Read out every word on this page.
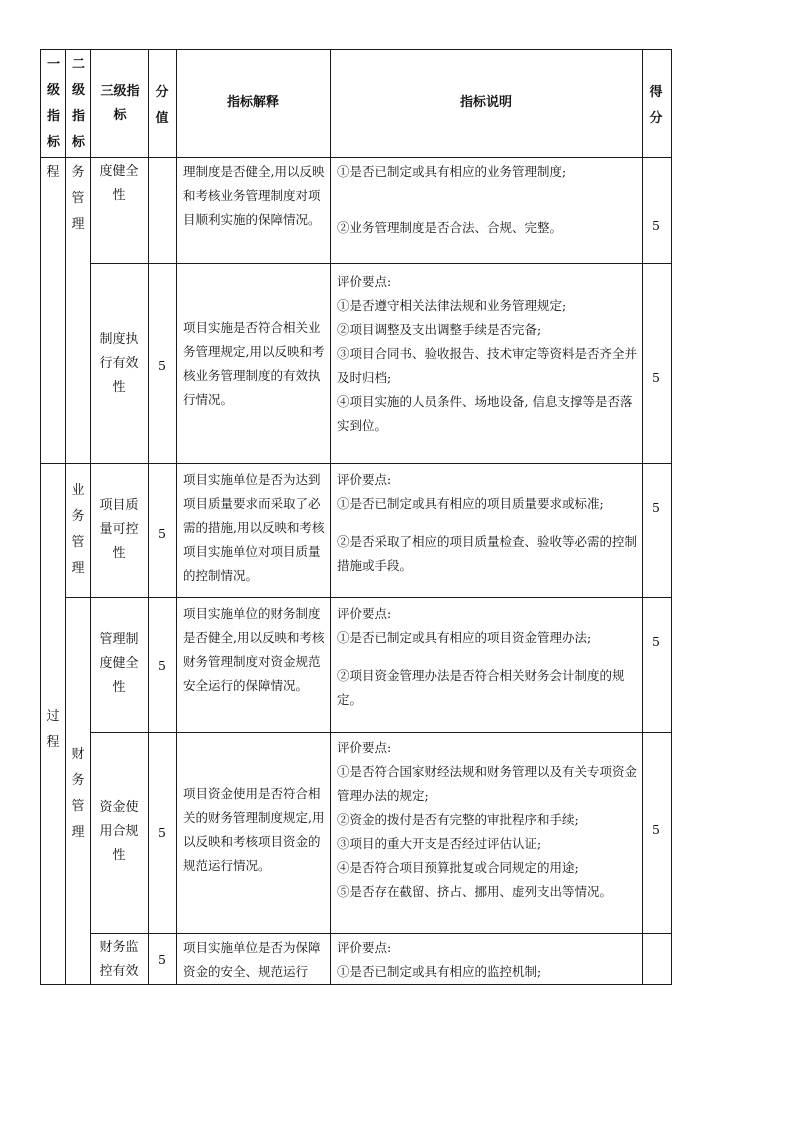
一级指标
二级指标
三级指标
分值
指标解释	指标说明
得分
程 务管理
过程
业务管理
财务管理
度健全性
理制度是否健全,用以反映和考核业务管理制度对项目顺利实施的保障情况。

①是否已制定或具有相应的业务管理制度;

②业务管理制度是否合法、合规、完整。	5
制度执行有效性
5
项目实施是否符合相关业务管理规定,用以反映和考核业务管理制度的有效执行情况。

评价要点:

①是否遵守相关法律法规和业务管理规定;

②项目调整及支出调整手续是否完备;

③项目合同书、验收报告、技术审定等资料是否齐全并及时归档;

④项目实施的人员条件、场地设备, 信息支撑等是否落实到位。

5
项目质量可控性
5
项目实施单位是否为达到项目质量要求而采取了必需的措施,用以反映和考核项目实施单位对项目质量的控制情况。

评价要点:

①是否已制定或具有相应的项目质量要求或标准;

②是否采取了相应的项目质量检查、验收等必需的控制措施或手段。

5
管理制度健全性
5
项目实施单位的财务制度是否健全,用以反映和考核财务管理制度对资金规范安全运行的保障情况。

评价要点:

①是否已制定或具有相应的项目资金管理办法;

②项目资金管理办法是否符合相关财务会计制度的规定。

5
资金使用合规性
5
项目资金使用是否符合相关的财务管理制度规定,用以反映和考核项目资金的规范运行情况。

评价要点:

①是否符合国家财经法规和财务管理以及有关专项资金管理办法的规定;

②资金的拨付是否有完整的审批程序和手续;

③项目的重大开支是否经过评估认证;

④是否符合项目预算批复或合同规定的用途;

⑤是否存在截留、挤占、挪用、虚列支出等情况。

5
财务监控有效
5
项目实施单位是否为保障资金的安全、规范运行

评价要点:

①是否已制定或具有相应的监控机制;
